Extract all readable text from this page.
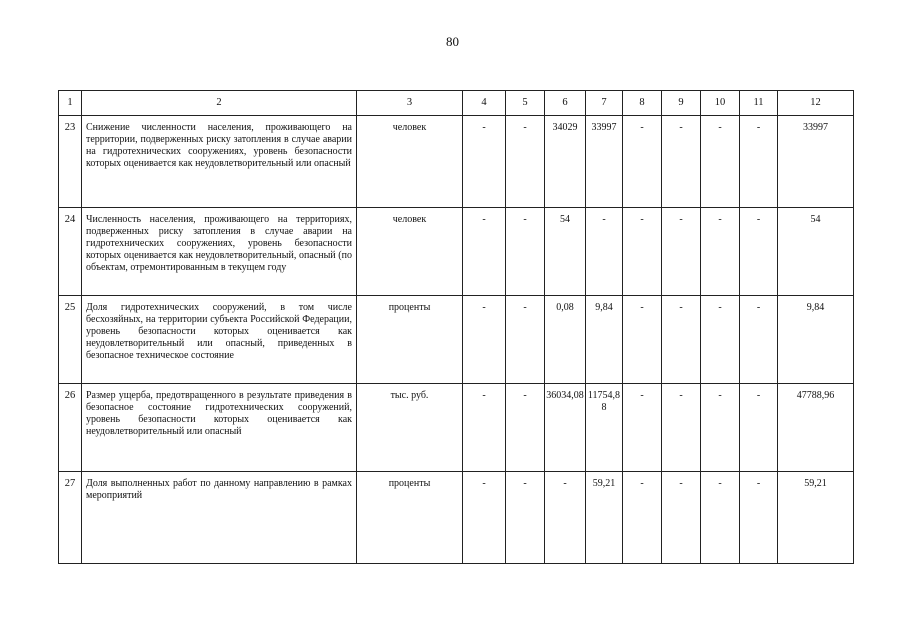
80
1	2	3	4	5	6	7	8	9	10	11	12
23	Снижение численности населения, проживающего на территории, подверженных риску затопления в случае аварии на гидротехнических сооружениях, уровень безопасности которых оценивается как неудовлетворительный или опасный	человек	-	-	34029	33997	-	-	-	-	33997
24	Численность населения, проживающего на территориях, подверженных риску затопления в случае аварии на гидротехнических сооружениях, уровень безопасности которых оценивается как неудовлетворительный, опасный (по объектам, отремонтированным в текущем году	человек	-	-	54	-	-	-	-	-	54
25	Доля гидротехнических сооружений, в том числе бесхозяйных, на территории субъекта Российской Федерации, уровень безопасности которых оценивается как неудовлетворительный или опасный, приведенных в безопасное техническое состояние	проценты	-	-	0,08	9,84	-	-	-	-	9,84
26	Размер ущерба, предотвращенного в результате приведения в безопасное состояние гидротехнических сооружений, уровень безопасности которых оценивается как неудовлетворительный или опасный	тыс. руб.	-	-	36034,08	11754,88	-	-	-	-	47788,96
27	Доля выполненных работ по данному направлению в рамках мероприятий	проценты	-	-	-	59,21	-	-	-	-	59,21
